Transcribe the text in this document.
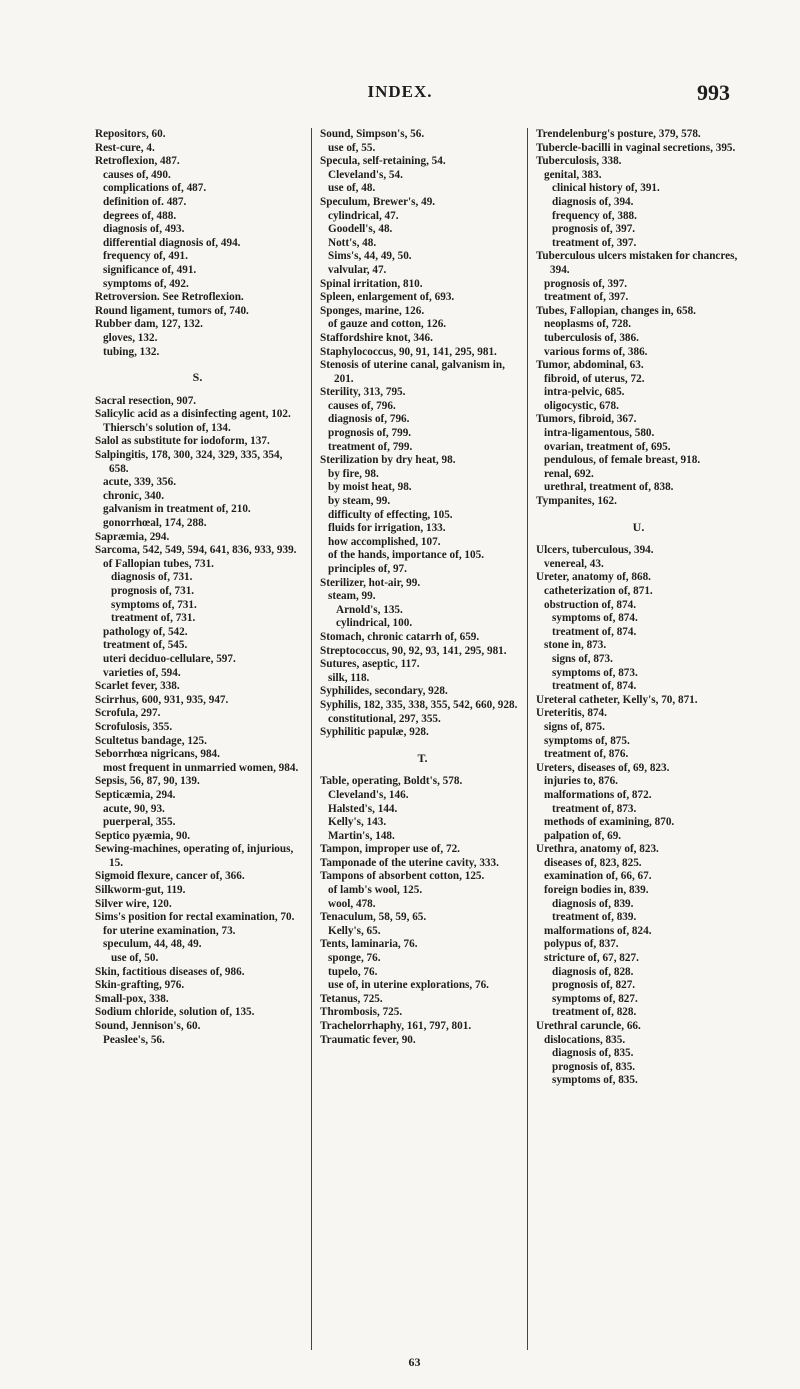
INDEX.	993

Repositors, 60.

Rest-cure, 4.

Retroflexion, 487.

causes of, 490.

complications of, 487.

definition of. 487.

degrees of, 488.

diagnosis of, 493.

differential diagnosis of, 494.

frequency of, 491.

significance of, 491.

symptoms of, 492.

Retroversion. See Retroflexion.

Round ligament, tumors of, 740.

Rubber dam, 127, 132.

gloves, 132.

tubing, 132.

S.

Sacral resection, 907.

Salicylic acid as a disinfecting agent, 102.

Thiersch's solution of, 134.

Salol as substitute for iodoform, 137.

Salpingitis, 178, 300, 324, 329, 335, 354, 658.

acute, 339, 356.

chronic, 340.

galvanism in treatment of, 210.

gonorrhœal, 174, 288.

Sapræmia, 294.

Sarcoma, 542, 549, 594, 641, 836, 933, 939.

of Fallopian tubes, 731.

diagnosis of, 731.

prognosis of, 731.

symptoms of, 731.

treatment of, 731.

pathology of, 542.

treatment of, 545.

uteri deciduo-cellulare, 597.

varieties of, 594.

Scarlet fever, 338.

Scirrhus, 600, 931, 935, 947.

Scrofula, 297.

Scrofulosis, 355.

Scultetus bandage, 125.

Seborrhœa nigricans, 984.

most frequent in unmarried women, 984.

Sepsis, 56, 87, 90, 139.

Septicæmia, 294.

acute, 90, 93.

puerperal, 355.

Septico pyæmia, 90.

Sewing-machines, operating of, injurious, 15.

Sigmoid flexure, cancer of, 366.

Silkworm-gut, 119.

Silver wire, 120.

Sims's position for rectal examination, 70.

for uterine examination, 73.

speculum, 44, 48, 49.

use of, 50.

Skin, factitious diseases of, 986.

Skin-grafting, 976.

Small-pox, 338.

Sodium chloride, solution of, 135.

Sound, Jennison's, 60.

Peaslee's, 56.

Sound, Simpson's, 56.

use of, 55.

Specula, self-retaining, 54.

Cleveland's, 54.

use of, 48.

Speculum, Brewer's, 49.

cylindrical, 47.

Goodell's, 48.

Nott's, 48.

Sims's, 44, 49, 50.

valvular, 47.

Spinal irritation, 810.

Spleen, enlargement of, 693.

Sponges, marine, 126.

of gauze and cotton, 126.

Staffordshire knot, 346.

Staphylococcus, 90, 91, 141, 295, 981.

Stenosis of uterine canal, galvanism in, 201.

Sterility, 313, 795.

causes of, 796.

diagnosis of, 796.

prognosis of, 799.

treatment of, 799.

Sterilization by dry heat, 98.

by fire, 98.

by moist heat, 98.

by steam, 99.

difficulty of effecting, 105.

fluids for irrigation, 133.

how accomplished, 107.

of the hands, importance of, 105.

principles of, 97.

Sterilizer, hot-air, 99.

steam, 99.

Arnold's, 135.

cylindrical, 100.

Stomach, chronic catarrh of, 659.

Streptococcus, 90, 92, 93, 141, 295, 981.

Sutures, aseptic, 117.

silk, 118.

Syphilides, secondary, 928.

Syphilis, 182, 335, 338, 355, 542, 660, 928.

constitutional, 297, 355.

Syphilitic papulæ, 928.

T.

Table, operating, Boldt's, 578.

Cleveland's, 146.

Halsted's, 144.

Kelly's, 143.

Martin's, 148.

Tampon, improper use of, 72.

Tamponade of the uterine cavity, 333.

Tampons of absorbent cotton, 125.

of lamb's wool, 125.

wool, 478.

Tenaculum, 58, 59, 65.

Kelly's, 65.

Tents, laminaria, 76.

sponge, 76.

tupelo, 76.

use of, in uterine explorations, 76.

Tetanus, 725.

Thrombosis, 725.

Trachelorrhaphy, 161, 797, 801.

Traumatic fever, 90.

63

Trendelenburg's posture, 379, 578.

Tubercle-bacilli in vaginal secretions, 395.

Tuberculosis, 338.

genital, 383.

clinical history of, 391.

diagnosis of, 394.

frequency of, 388.

prognosis of, 397.

treatment of, 397.

Tuberculous ulcers mistaken for chancres, 394.

prognosis of, 397.

treatment of, 397.

Tubes, Fallopian, changes in, 658.

neoplasms of, 728.

tuberculosis of, 386.

various forms of, 386.

Tumor, abdominal, 63.

fibroid, of uterus, 72.

intra-pelvic, 685.

oligocystic, 678.

Tumors, fibroid, 367.

intra-ligamentous, 580.

ovarian, treatment of, 695.

pendulous, of female breast, 918.

renal, 692.

urethral, treatment of, 838.

Tympanites, 162.

U.

Ulcers, tuberculous, 394.

venereal, 43.

Ureter, anatomy of, 868.

catheterization of, 871.

obstruction of, 874.

symptoms of, 874.

treatment of, 874.

stone in, 873.

signs of, 873.

symptoms of, 873.

treatment of, 874.

Ureteral catheter, Kelly's, 70, 871.

Ureteritis, 874.

signs of, 875.

symptoms of, 875.

treatment of, 876.

Ureters, diseases of, 69, 823.

injuries to, 876.

malformations of, 872.

treatment of, 873.

methods of examining, 870.

palpation of, 69.

Urethra, anatomy of, 823.

diseases of, 823, 825.

examination of, 66, 67.

foreign bodies in, 839.

diagnosis of, 839.

treatment of, 839.

malformations of, 824.

polypus of, 837.

stricture of, 67, 827.

diagnosis of, 828.

prognosis of, 827.

symptoms of, 827.

treatment of, 828.

Urethral caruncle, 66.

dislocations, 835.

diagnosis of, 835.

prognosis of, 835.

symptoms of, 835.
